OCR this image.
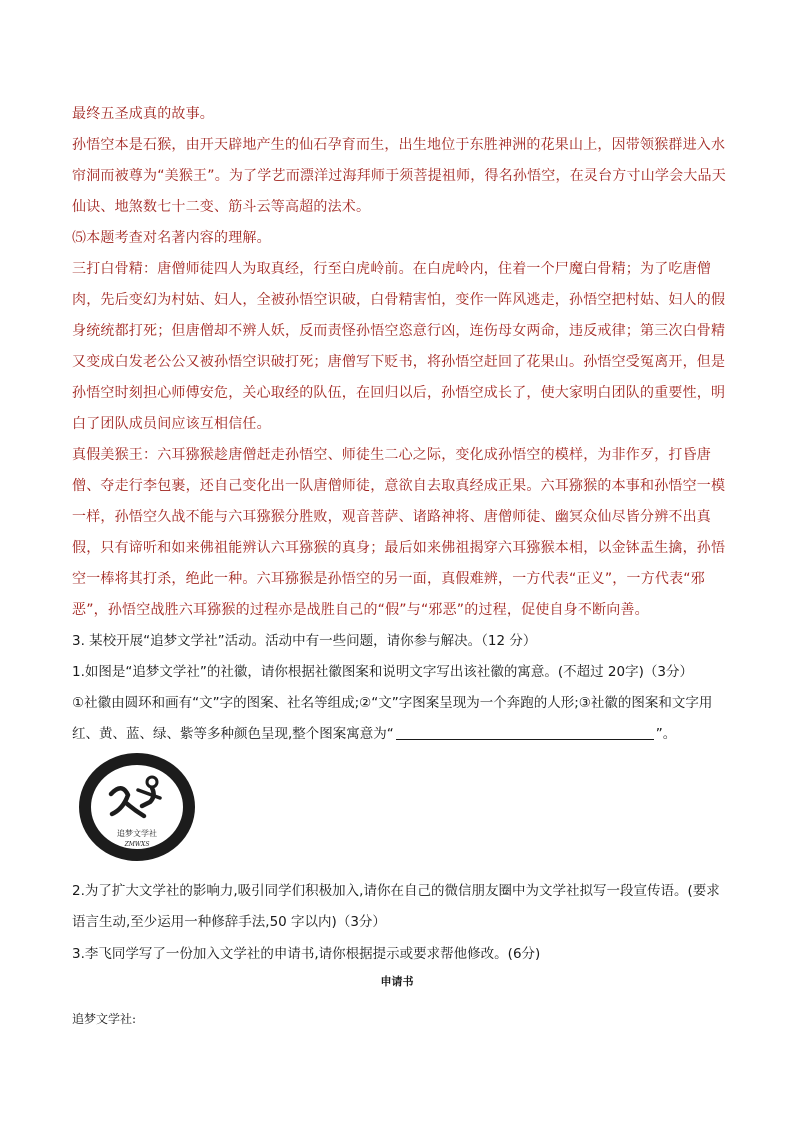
最终五圣成真的故事。

孙悟空本是石猴，由开天辟地产生的仙石孕育而生，出生地位于东胜神洲的花果山上，因带领猴群进入水帘洞而被尊为“美猴王”。为了学艺而漂洋过海拜师于须菩提祖师，得名孙悟空，在灵台方寸山学会大品天仙诀、地煞数七十二变、筋斗云等高超的法术。

⑸本题考查对名著内容的理解。

三打白骨精：唐僧师徒四人为取真经，行至白虎岭前。在白虎岭内，住着一个尸魔白骨精；为了吃唐僧肉，先后变幻为村姑、妇人，全被孙悟空识破，白骨精害怕，变作一阵风逃走，孙悟空把村姑、妇人的假身统统都打死；但唐僧却不辨人妖，反而责怪孙悟空恣意行凶，连伤母女两命，违反戒律；第三次白骨精又变成白发老公公又被孙悟空识破打死；唐僧写下贬书，将孙悟空赶回了花果山。孙悟空受冤离开，但是孙悟空时刻担心师傅安危，关心取经的队伍，在回归以后，孙悟空成长了，使大家明白团队的重要性，明白了团队成员间应该互相信任。

真假美猴王：六耳猕猴趁唐僧赶走孙悟空、师徒生二心之际，变化成孙悟空的模样，为非作歹，打昏唐僧、夺走行李包裹，还自己变化出一队唐僧师徒，意欲自去取真经成正果。六耳猕猴的本事和孙悟空一模一样，孙悟空久战不能与六耳猕猴分胜败，观音菩萨、诸路神将、唐僧师徒、幽冥众仙尽皆分辨不出真假，只有谛听和如来佛祖能辨认六耳猕猴的真身；最后如来佛祖揭穿六耳猕猴本相，以金钵盂生擒，孙悟空一棒将其打杀，绝此一种。六耳猕猴是孙悟空的另一面，真假难辨，一方代表“正义”，一方代表“邪恶”，孙悟空战胜六耳猕猴的过程亦是战胜自己的“假”与“邪恶”的过程，促使自身不断向善。

3. 某校开展“追梦文学社”活动。活动中有一些问题，请你参与解决。（12 分）

1.如图是“追梦文学社”的社徽，请你根据社徽图案和说明文字写出该社徽的寓意。(不超过 20字)（3分）

①社徽由圆环和画有“文”字的图案、社名等组成;②“文”字图案呈现为一个奔跑的人形;③社徽的图案和文字用红、黄、蓝、绿、紫等多种颜色呈现,整个图案寓意为“	”。

追梦文学社
ZMWXS

2.为了扩大文学社的影响力,吸引同学们积极加入,请你在自己的微信朋友圈中为文学社拟写一段宣传语。(要求语言生动,至少运用一种修辞手法,50 字以内)（3分）

3.李飞同学写了一份加入文学社的申请书,请你根据提示或要求帮他修改。(6分)

申请书

追梦文学社:
